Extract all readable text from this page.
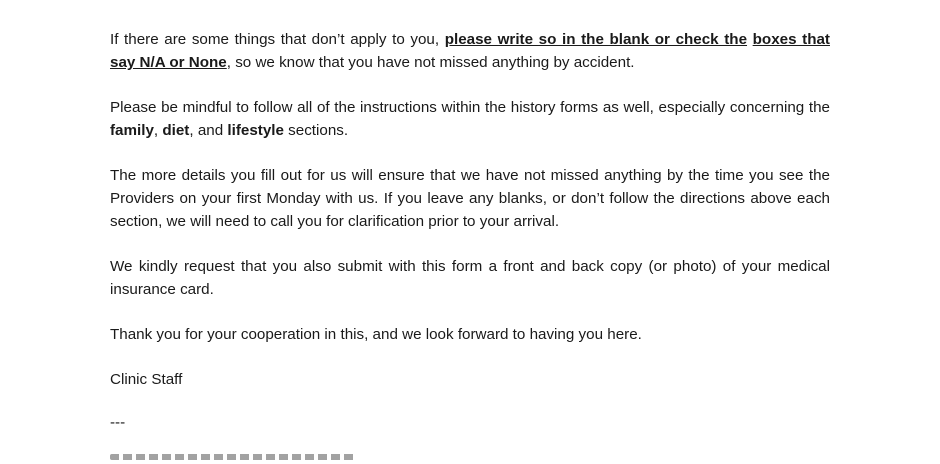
If there are some things that don’t apply to you, please write so in the blank or check the boxes that say N/A or None, so we know that you have not missed anything by accident.

Please be mindful to follow all of the instructions within the history forms as well, especially concerning the family, diet, and lifestyle sections.

The more details you fill out for us will ensure that we have not missed anything by the time you see the Providers on your first Monday with us. If you leave any blanks, or don’t follow the directions above each section, we will need to call you for clarification prior to your arrival.

We kindly request that you also submit with this form a front and back copy (or photo) of your medical insurance card.

Thank you for your cooperation in this, and we look forward to having you here.

Clinic Staff

---
